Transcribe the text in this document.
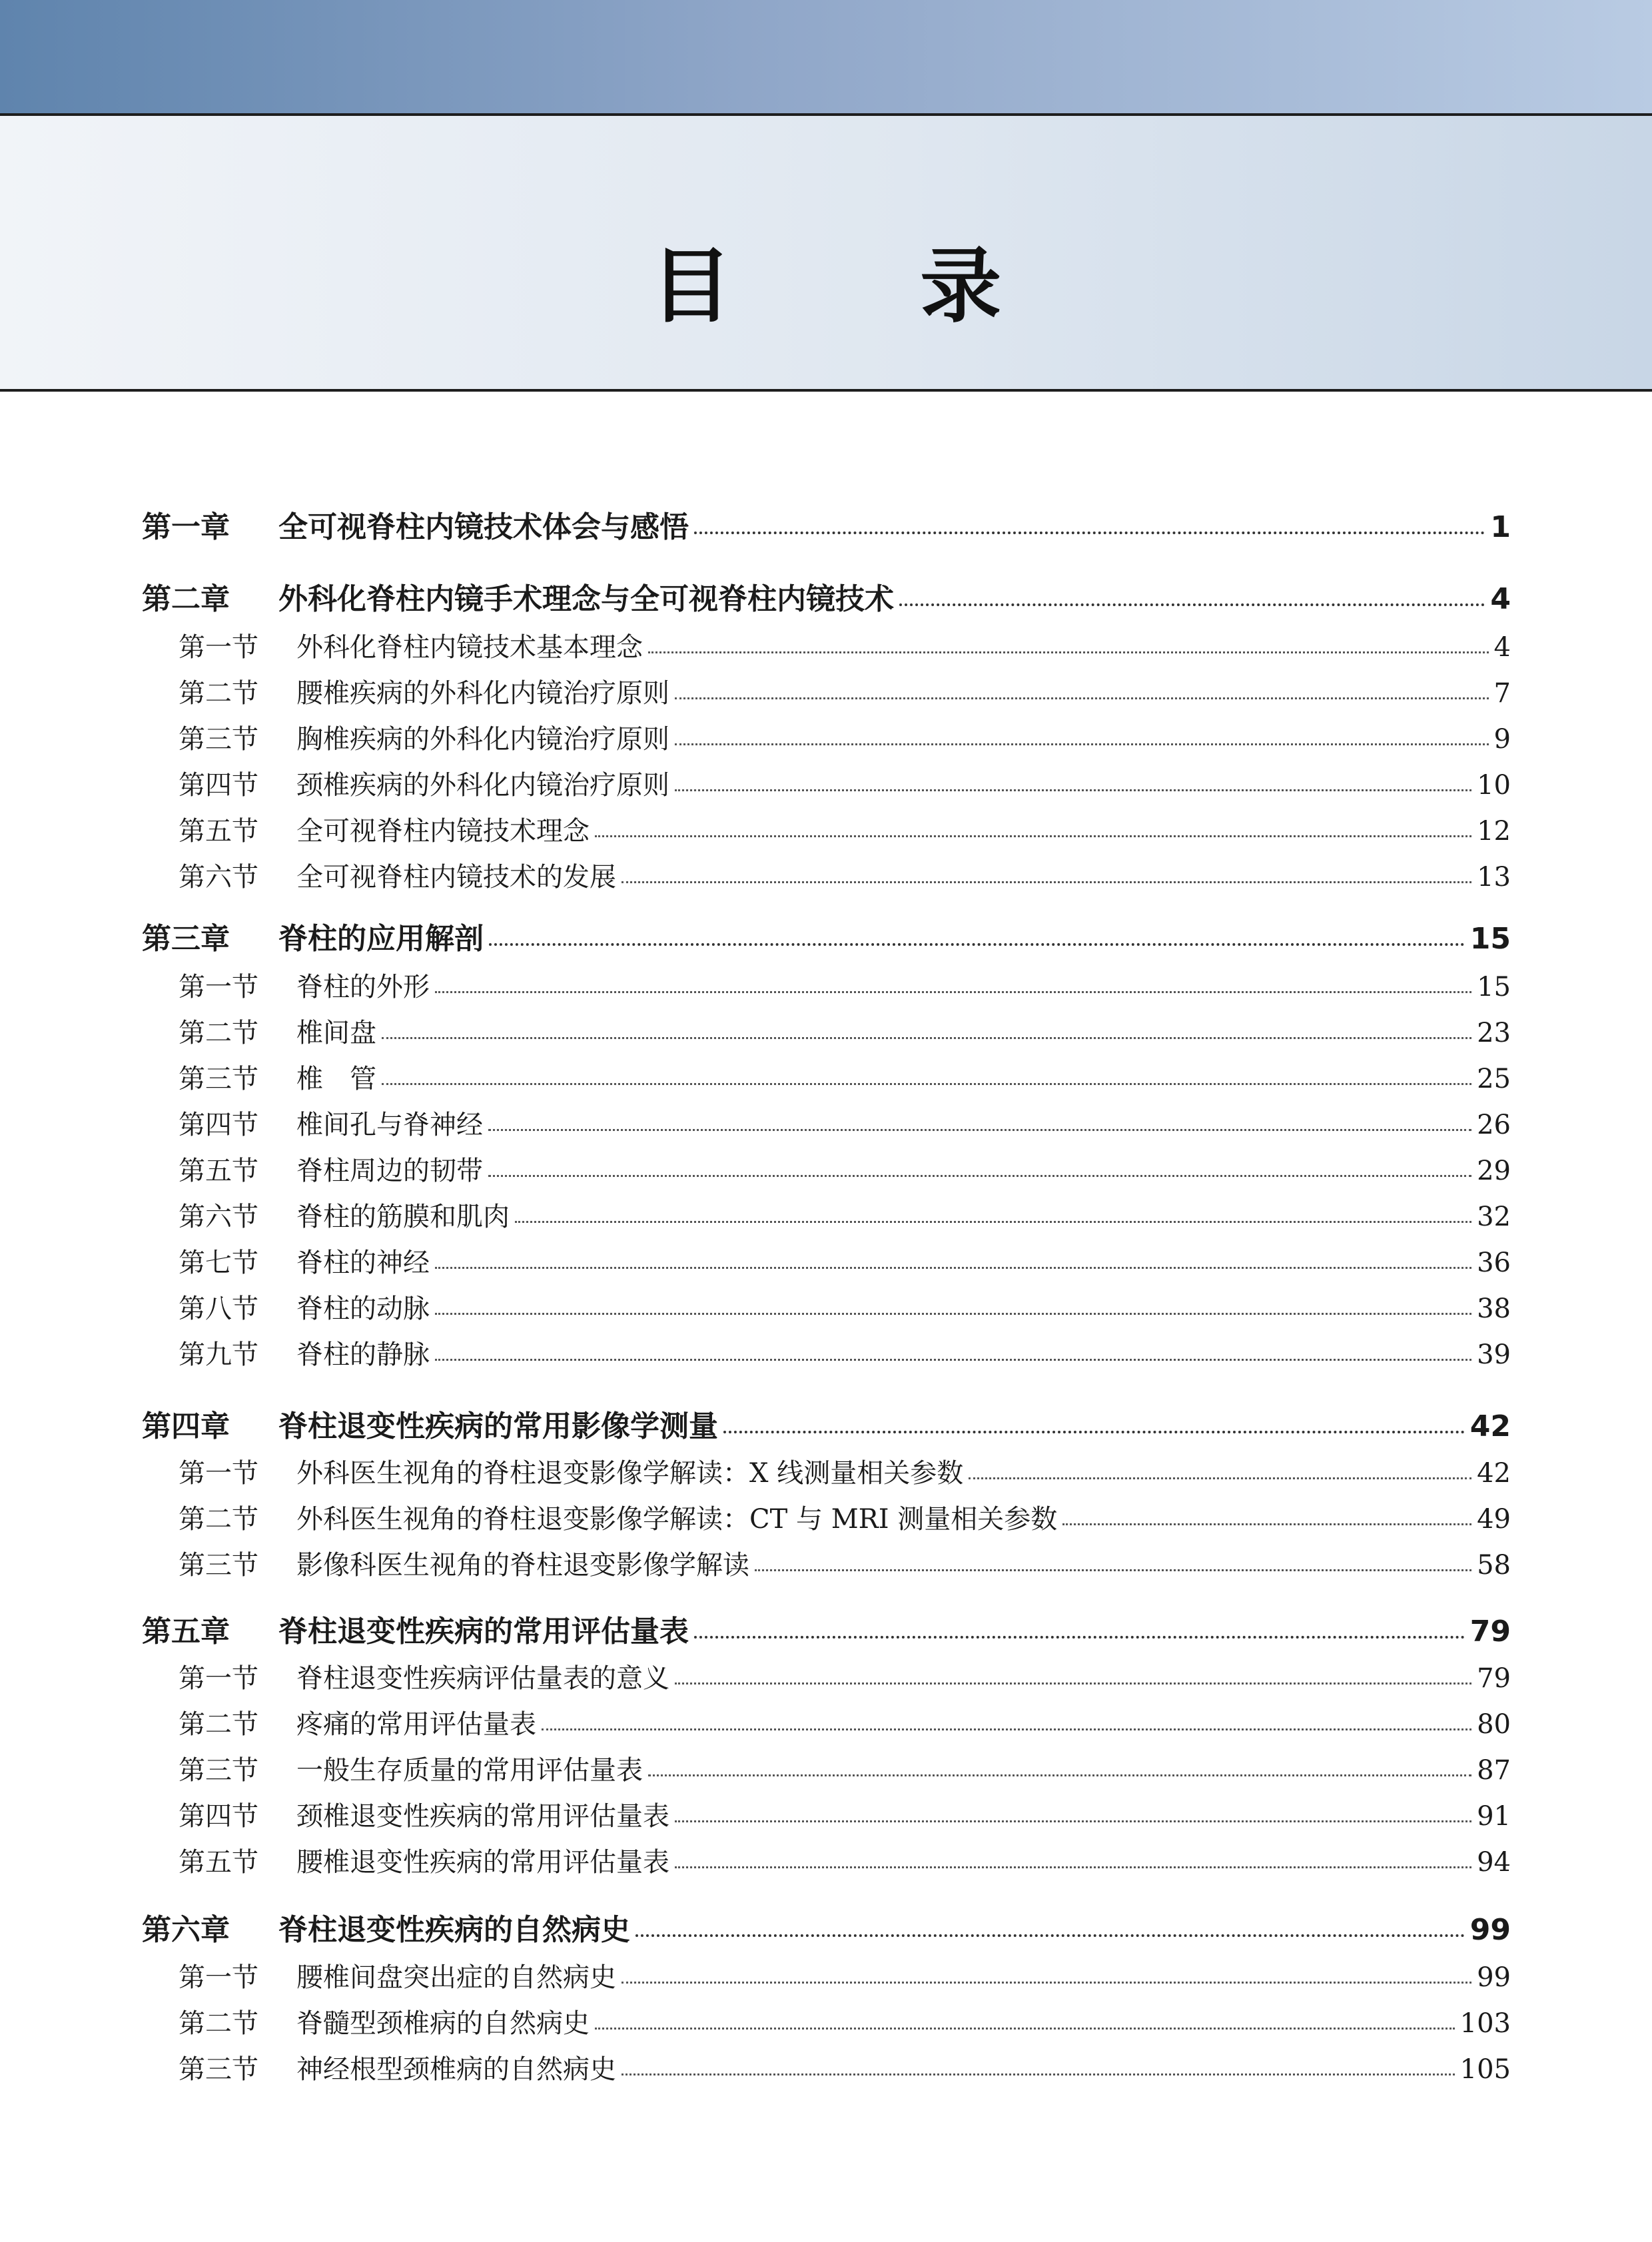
目 录
第一章 全可视脊柱内镜技术体会与感悟	1
第二章 外科化脊柱内镜手术理念与全可视脊柱内镜技术	4
第一节 外科化脊柱内镜技术基本理念	4
第二节 腰椎疾病的外科化内镜治疗原则	7
第三节 胸椎疾病的外科化内镜治疗原则	9
第四节 颈椎疾病的外科化内镜治疗原则	10
第五节 全可视脊柱内镜技术理念	12
第六节 全可视脊柱内镜技术的发展	13
第三章 脊柱的应用解剖	15
第一节 脊柱的外形	15
第二节 椎间盘	23
第三节 椎　管	25
第四节 椎间孔与脊神经	26
第五节 脊柱周边的韧带	29
第六节 脊柱的筋膜和肌肉	32
第七节 脊柱的神经	36
第八节 脊柱的动脉	38
第九节 脊柱的静脉	39
第四章 脊柱退变性疾病的常用影像学测量	42
第一节 外科医生视角的脊柱退变影像学解读：X 线测量相关参数	42
第二节 外科医生视角的脊柱退变影像学解读：CT 与 MRI 测量相关参数	49
第三节 影像科医生视角的脊柱退变影像学解读	58
第五章 脊柱退变性疾病的常用评估量表	79
第一节 脊柱退变性疾病评估量表的意义	79
第二节 疼痛的常用评估量表	80
第三节 一般生存质量的常用评估量表	87
第四节 颈椎退变性疾病的常用评估量表	91
第五节 腰椎退变性疾病的常用评估量表	94
第六章 脊柱退变性疾病的自然病史	99
第一节 腰椎间盘突出症的自然病史	99
第二节 脊髓型颈椎病的自然病史	103
第三节 神经根型颈椎病的自然病史	105
